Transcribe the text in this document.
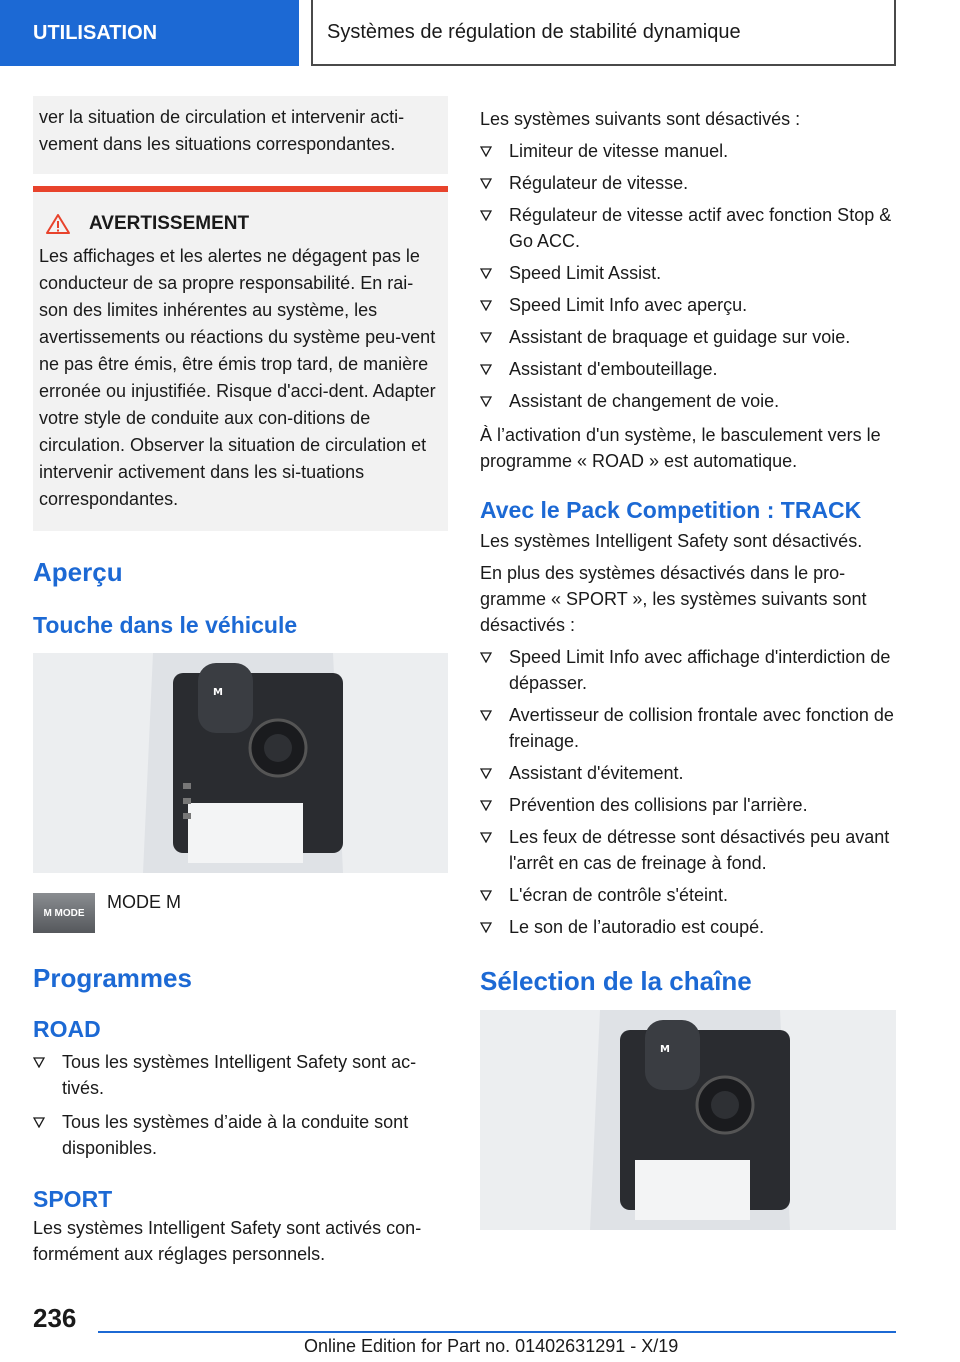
UTILISATION	Systèmes de régulation de stabilité dynamique
ver la situation de circulation et intervenir acti-vement dans les situations correspondantes.
AVERTISSEMENT
Les affichages et les alertes ne dégagent pas le conducteur de sa propre responsabilité. En rai-son des limites inhérentes au système, les avertissements ou réactions du système peu-vent ne pas être émis, être émis trop tard, de manière erronée ou injustifiée. Risque d'acci-dent. Adapter votre style de conduite aux con-ditions de circulation. Observer la situation de circulation et intervenir activement dans les si-tuations correspondantes.
Aperçu
Touche dans le véhicule
M
M MODE
MODE M
Programmes
ROAD
Tous les systèmes Intelligent Safety sont ac-tivés.
Tous les systèmes d’aide à la conduite sont disponibles.
SPORT
Les systèmes Intelligent Safety sont activés con-formément aux réglages personnels.
Les systèmes suivants sont désactivés :
Limiteur de vitesse manuel.
Régulateur de vitesse.
Régulateur de vitesse actif avec fonction Stop & Go ACC.
Speed Limit Assist.
Speed Limit Info avec aperçu.
Assistant de braquage et guidage sur voie.
Assistant d'embouteillage.
Assistant de changement de voie.
À l’activation d'un système, le basculement vers le programme « ROAD » est automatique.
Avec le Pack Competition : TRACK
Les systèmes Intelligent Safety sont désactivés.
En plus des systèmes désactivés dans le pro-gramme « SPORT », les systèmes suivants sont désactivés :
Speed Limit Info avec affichage d'interdiction de dépasser.
Avertisseur de collision frontale avec fonction de freinage.
Assistant d'évitement.
Prévention des collisions par l'arrière.
Les feux de détresse sont désactivés peu avant l'arrêt en cas de freinage à fond.
L'écran de contrôle s'éteint.
Le son de l’autoradio est coupé.
Sélection de la chaîne
M
236
Online Edition for Part no. 01402631291 - X/19
